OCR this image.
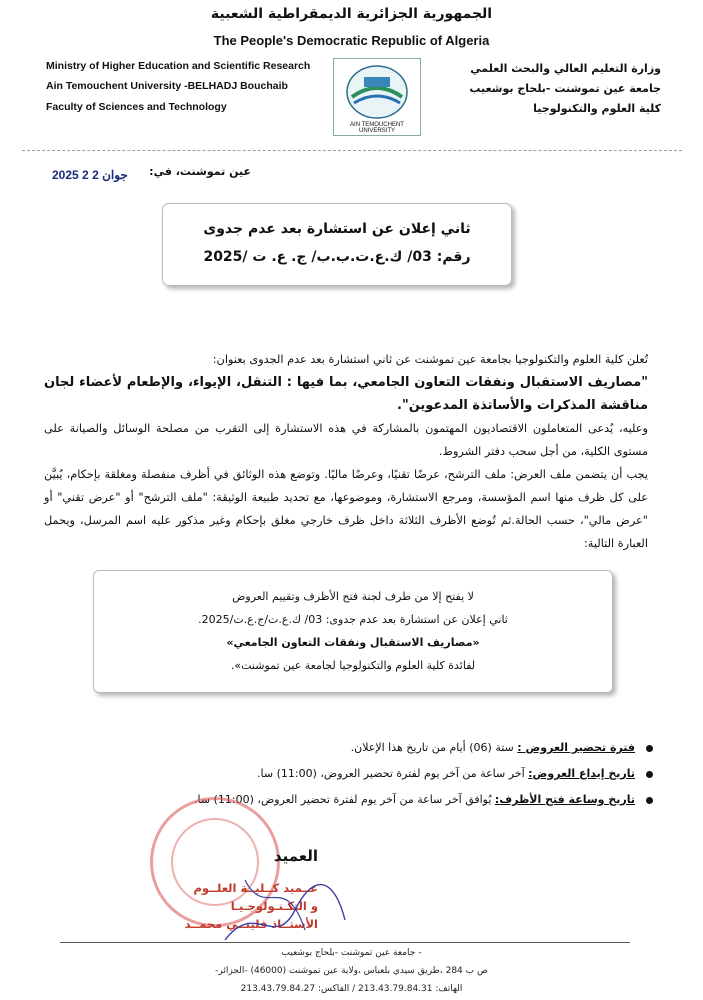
الجمهورية الجزائرية الديمقراطية الشعبية
The People's Democratic Republic of Algeria
Ministry of Higher Education and Scientific Research
Ain Temouchent University -BELHADJ Bouchaib
Faculty of Sciences and Technology
وزارة التعليم العالي والبحث العلمي
جامعة عين تموشنت -بلحاج بوشعيب
كلية العلوم والتكنولوجيا
AIN TEMOUCHENT UNIVERSITY
عين تموشنت، في:
2025 جوان 2 2
ثاني إعلان عن استشارة بعد عدم جدوى
رقم: 03/ ك.ع.ت.ب.ب/ ج. ع. ت /2025

تُعلن كلية العلوم والتكنولوجيا بجامعة عين تموشنت عن ثاني استشارة بعد عدم الجدوى بعنوان:

"مصاريف الاستقبال ونفقات التعاون الجامعي، بما فيها : التنقل، الإيواء، والإطعام لأعضاء لجان مناقشة المذكرات والأساتذة المدعوين".

وعليه، يُدعى المتعاملون الاقتصاديون المهتمون بالمشاركة في هذه الاستشارة إلى التقرب من مصلحة الوسائل والصيانة على مستوى الكلية، من أجل سحب دفتر الشروط.

يجب أن يتضمن ملف العرض: ملف الترشح، عرضًا تقنيًا، وعرضًا ماليًا. وتوضع هذه الوثائق في أظرف منفصلة ومغلقة بإحكام، يُبيَّن على كل ظرف منها اسم المؤسسة، ومرجع الاستشارة، وموضوعها، مع تحديد طبيعة الوثيقة: "ملف الترشح" أو "عرض تقني" أو "عرض مالي"، حسب الحالة.ثم تُوضع الأظرف الثلاثة داخل ظرف خارجي مغلق بإحكام وغير مذكور عليه اسم المرسل، ويحمل العبارة التالية:

لا يفتح إلا من طرف لجنة فتح الأظرف وتقييم العروض
ثاني إعلان عن استشارة بعد عدم جدوى: 03/ ك.ع.ت/ج.ع.ت/2025.
«مصاريف الاستقبال ونفقات التعاون الجامعي»
لفائدة كلية العلوم والتكنولوجيا لجامعة عين تموشنت».
فترة تحضير العروض : ستة (06) أيام من تاريخ هذا الإعلان.
تاريخ إيداع العروض: آخر ساعة من آخر يوم لفترة تحضير العروض، (11:00) سا.
تاريخ وساعة فتح الأظرف: يُوافق آخر ساعة من آخر يوم لفترة تحضير العروض، (11:00) سا.
العميد
عــميد كــليــة العلــوم
و التكـنـولوجـيـا
الأستــاذ فليتــي محمــد
- جامعة عين تموشنت -بلحاج بوشعيب
ص ب 284 ،طريق سيدي بلعباس ،ولاية عين تموشنت (46000) -الجزائر-
الهاتف: 213.43.79.84.31 / الفاكس: 213.43.79.84.27
